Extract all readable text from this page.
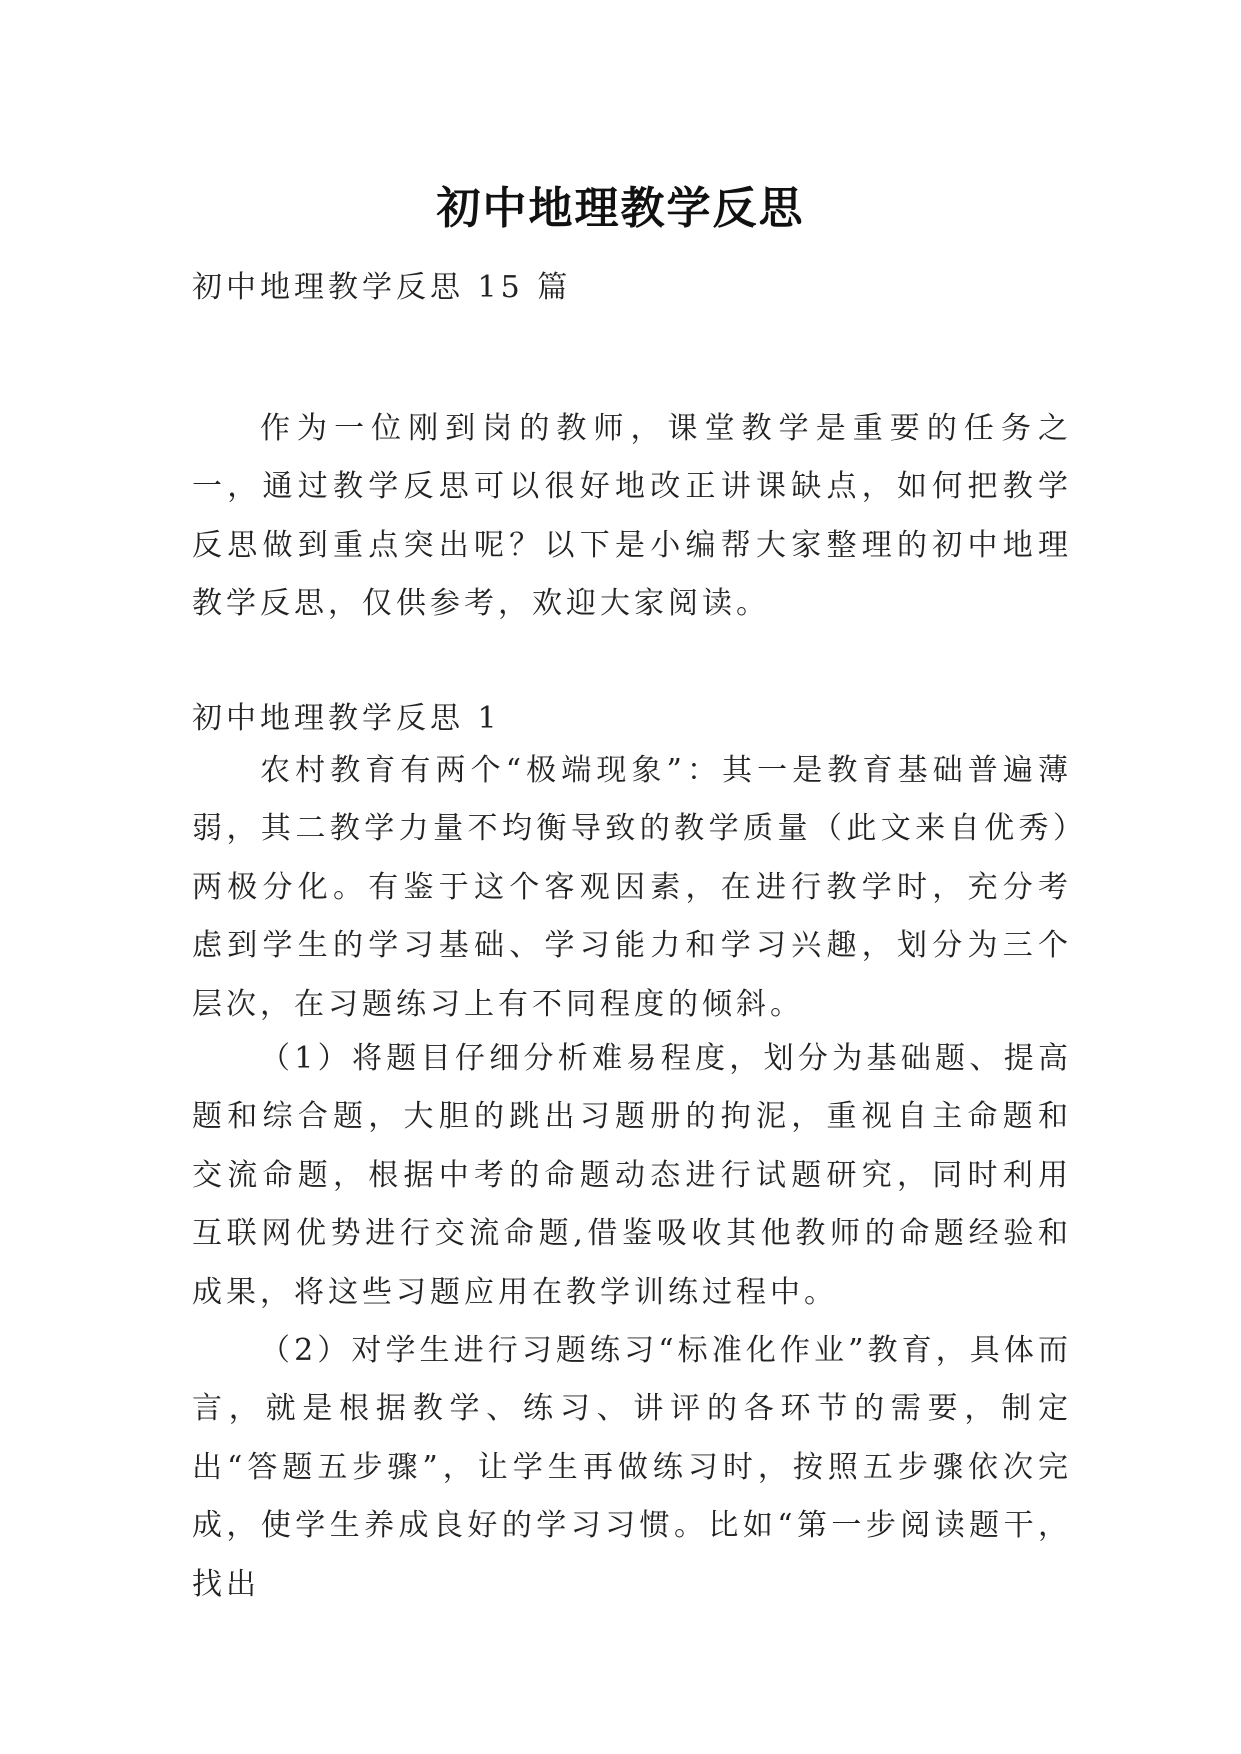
初中地理教学反思
初中地理教学反思 15 篇

作为一位刚到岗的教师，课堂教学是重要的任务之一，通过教学反思可以很好地改正讲课缺点，如何把教学反思做到重点突出呢？以下是小编帮大家整理的初中地理教学反思，仅供参考，欢迎大家阅读。

初中地理教学反思 1

农村教育有两个“极端现象”：其一是教育基础普遍薄弱，其二教学力量不均衡导致的教学质量（此文来自优秀）两极分化。有鉴于这个客观因素，在进行教学时，充分考虑到学生的学习基础、学习能力和学习兴趣，划分为三个层次，在习题练习上有不同程度的倾斜。

（1）将题目仔细分析难易程度，划分为基础题、提高题和综合题，大胆的跳出习题册的拘泥，重视自主命题和交流命题，根据中考的命题动态进行试题研究，同时利用互联网优势进行交流命题,借鉴吸收其他教师的命题经验和成果，将这些习题应用在教学训练过程中。

（2）对学生进行习题练习“标准化作业”教育，具体而言，就是根据教学、练习、讲评的各环节的需要，制定出“答题五步骤”，让学生再做练习时，按照五步骤依次完成，使学生养成良好的学习习惯。比如“第一步阅读题干，找出
